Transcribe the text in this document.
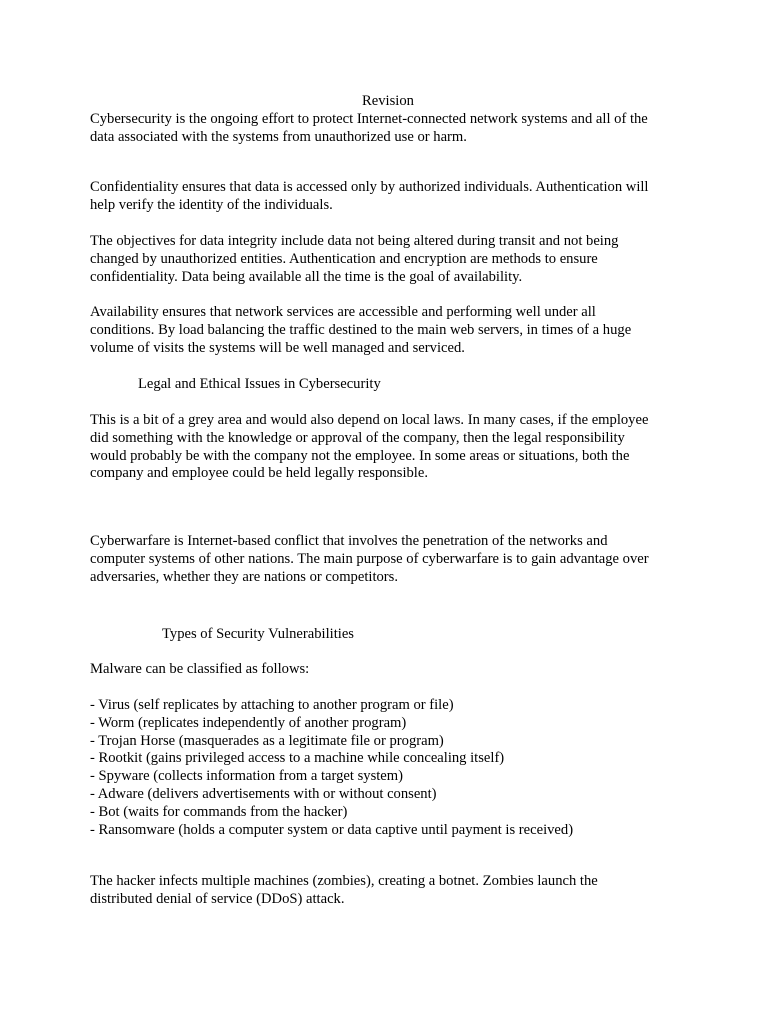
Revision

Cybersecurity is the ongoing effort to protect Internet-connected network systems and all of the
data associated with the systems from unauthorized use or harm.

Confidentiality ensures that data is accessed only by authorized individuals. Authentication will
help verify the identity of the individuals.

The objectives for data integrity include data not being altered during transit and not being
changed by unauthorized entities. Authentication and encryption are methods to ensure
confidentiality. Data being available all the time is the goal of availability.

Availability ensures that network services are accessible and performing well under all
conditions. By load balancing the traffic destined to the main web servers, in times of a huge
volume of visits the systems will be well managed and serviced.

Legal and Ethical Issues in Cybersecurity

This is a bit of a grey area and would also depend on local laws. In many cases, if the employee
did something with the knowledge or approval of the company, then the legal responsibility
would probably be with the company not the employee. In some areas or situations, both the
company and employee could be held legally responsible.

Cyberwarfare is Internet-based conflict that involves the penetration of the networks and
computer systems of other nations. The main purpose of cyberwarfare is to gain advantage over
adversaries, whether they are nations or competitors.

Types of Security Vulnerabilities

Malware can be classified as follows:

- Virus (self replicates by attaching to another program or file)
- Worm (replicates independently of another program)
- Trojan Horse (masquerades as a legitimate file or program)
- Rootkit (gains privileged access to a machine while concealing itself)
- Spyware (collects information from a target system)
- Adware (delivers advertisements with or without consent)
- Bot (waits for commands from the hacker)
- Ransomware (holds a computer system or data captive until payment is received)

The hacker infects multiple machines (zombies), creating a botnet. Zombies launch the
distributed denial of service (DDoS) attack.
